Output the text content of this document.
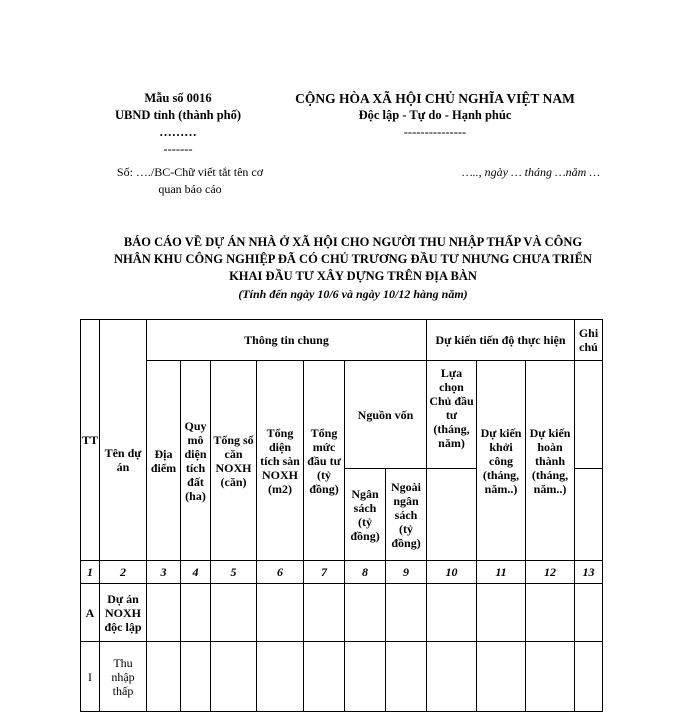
Mẫu số 0016
UBND tỉnh (thành phố)
………
-------
CỘNG HÒA XÃ HỘI CHỦ NGHĨA VIỆT NAM
Độc lập - Tự do - Hạnh phúc
---------------
Số: …./BC-Chữ viết tắt tên cơ
quan báo cáo
….., ngày … tháng …năm …
BÁO CÁO VỀ DỰ ÁN NHÀ Ở XÃ HỘI CHO NGƯỜI THU NHẬP THẤP VÀ CÔNG
NHÂN KHU CÔNG NGHIỆP ĐÃ CÓ CHỦ TRƯƠNG ĐẦU TƯ NHƯNG CHƯA TRIỂN
KHAI ĐẦU TƯ XÂY DỰNG TRÊN ĐỊA BÀN
(Tính đến ngày 10/6 và ngày 10/12 hàng năm)
TT		Thông tin chung							Dự kiến tiến độ thực hiện			Ghi chú
	Tên dự án	Địa điểm	Quy mô diện tích đất (ha)	Tổng số căn NOXH (căn)	Tổng diện tích sàn NOXH (m2)	Tổng mức đầu tư (tỷ đồng)	Nguồn vốn		Lựa chọn Chủ đầu tư (tháng, năm)	Dự kiến khởi công (tháng, năm..)	Dự kiến hoàn thành (tháng, năm..)	
							Ngân sách (tỷ đồng)	Ngoài ngân sách (tỷ đồng)				
1	2	3	4	5	6	7	8	9	10	11	12	13
A	Dự án NOXH độc lập											
I	Thu nhập thấp											
